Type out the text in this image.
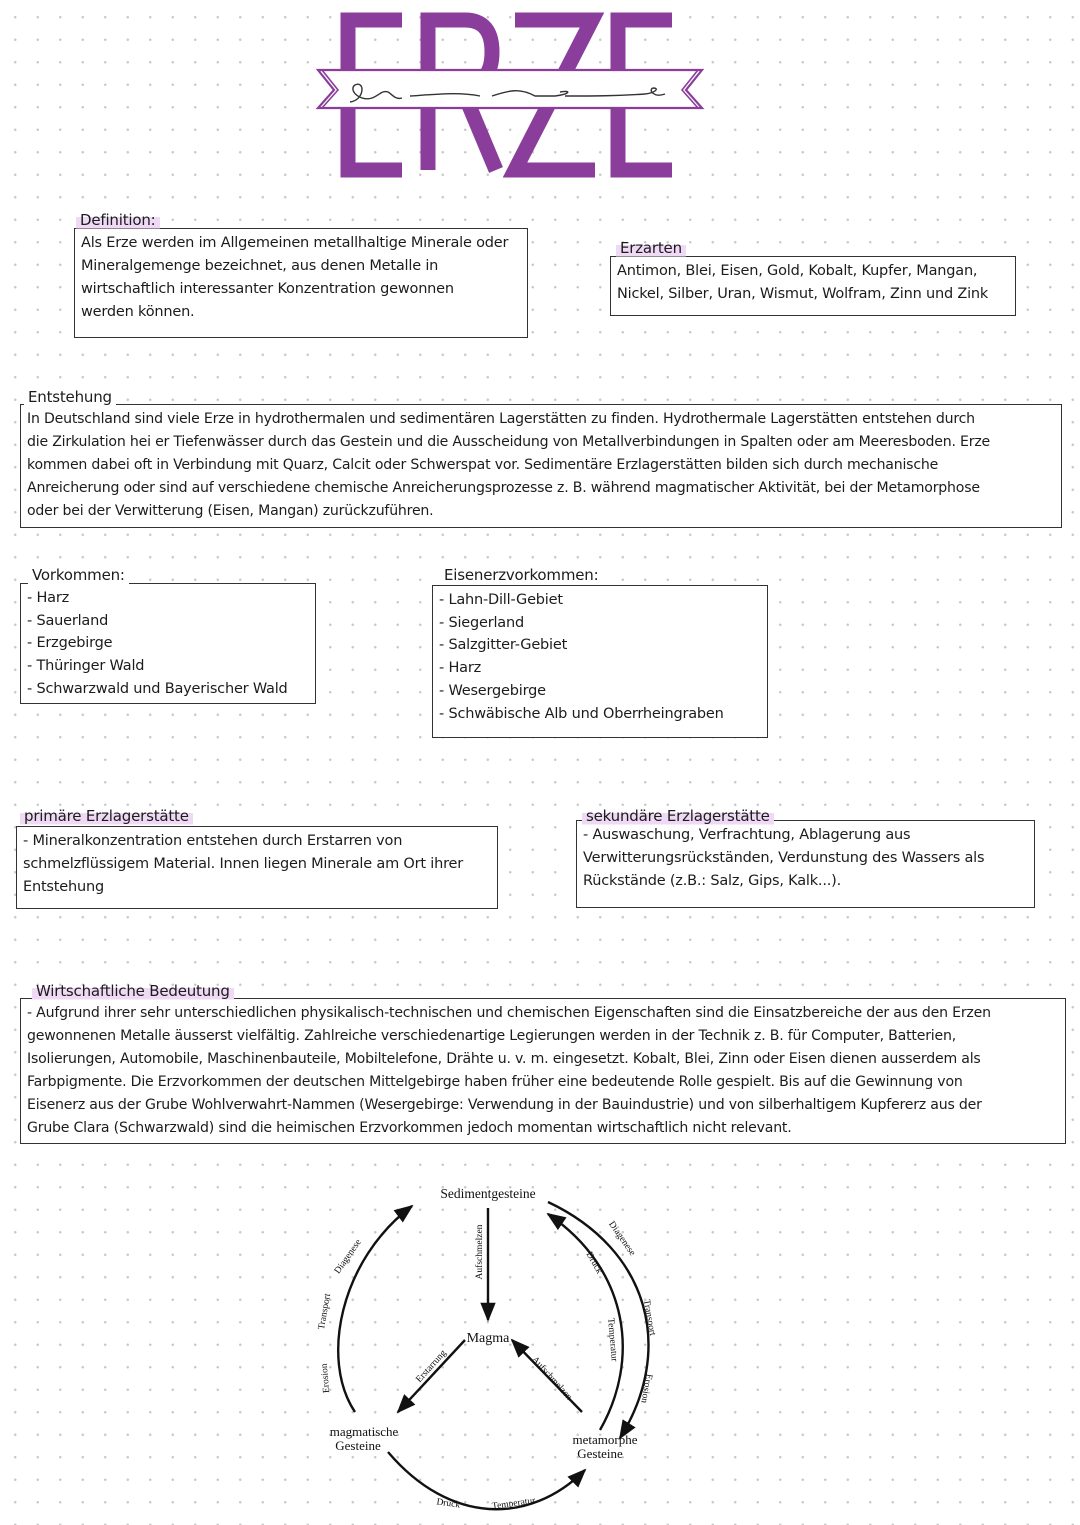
ERZE
Als Erze werden im Allgemeinen metallhaltige Minerale oder
Mineralgemenge bezeichnet, aus denen Metalle in
wirtschaftlich interessanter Konzentration gewonnen
werden können.
Definition:
Antimon, Blei, Eisen, Gold, Kobalt, Kupfer, Mangan,
Nickel, Silber, Uran, Wismut, Wolfram, Zinn und Zink
Erzarten
In Deutschland sind viele Erze in hydrothermalen und sedimentären Lagerstätten zu finden. Hydrothermale Lagerstätten entstehen durch
die Zirkulation hei er Tiefenwässer durch das Gestein und die Ausscheidung von Metallverbindungen in Spalten oder am Meeresboden. Erze
kommen dabei oft in Verbindung mit Quarz, Calcit oder Schwerspat vor. Sedimentäre Erzlagerstätten bilden sich durch mechanische
Anreicherung oder sind auf verschiedene chemische Anreicherungsprozesse z. B. während magmatischer Aktivität, bei der Metamorphose
oder bei der Verwitterung (Eisen, Mangan) zurückzuführen.
Entstehung
- Harz
- Sauerland
- Erzgebirge
- Thüringer Wald
- Schwarzwald und Bayerischer Wald
Vorkommen:
- Lahn-Dill-Gebiet
- Siegerland
- Salzgitter-Gebiet
- Harz
- Wesergebirge
- Schwäbische Alb und Oberrheingraben
Eisenerzvorkommen:
- Mineralkonzentration entstehen durch Erstarren von
schmelzflüssigem Material. Innen liegen Minerale am Ort ihrer
Entstehung
primäre Erzlagerstätte
- Auswaschung, Verfrachtung, Ablagerung aus
Verwitterungsrückständen, Verdunstung des Wassers als
Rückstände (z.B.: Salz, Gips, Kalk...).
sekundäre Erzlagerstätte
- Aufgrund ihrer sehr unterschiedlichen physikalisch-technischen und chemischen Eigenschaften sind die Einsatzbereiche der aus den Erzen
gewonnenen Metalle äusserst vielfältig. Zahlreiche verschiedenartige Legierungen werden in der Technik z. B. für Computer, Batterien,
Isolierungen, Automobile, Maschinenbauteile, Mobiltelefone, Drähte u. v. m. eingesetzt. Kobalt, Blei, Zinn oder Eisen dienen ausserdem als
Farbpigmente. Die Erzvorkommen der deutschen Mittelgebirge haben früher eine bedeutende Rolle gespielt. Bis auf die Gewinnung von
Eisenerz aus der Grube Wohlverwahrt-Nammen (Wesergebirge: Verwendung in der Bauindustrie) und von silberhaltigem Kupfererz aus der
Grube Clara (Schwarzwald) sind die heimischen Erzvorkommen jedoch momentan wirtschaftlich nicht relevant.
Wirtschaftliche Bedeutung
Sedimentgesteine
Magma
magmatische
Gesteine	metamorphe
Gesteine
Diagenese
Transport
Erosion
Aufschmelzen
Erstarrung	Aufschmelzen
Druck
Temperatur
Diagenese
Transport
Erosion
Druck	Temperatur
